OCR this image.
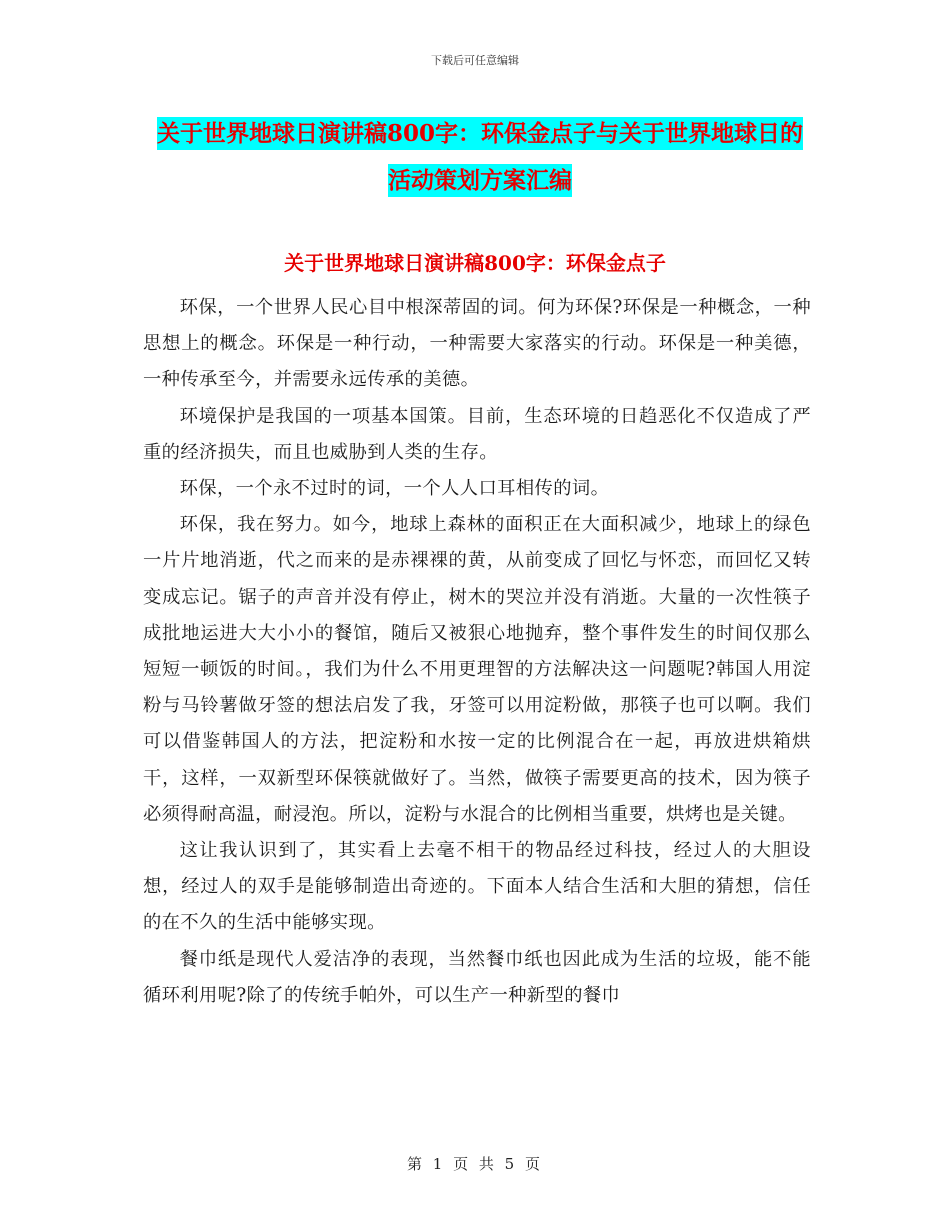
下载后可任意编辑
关于世界地球日演讲稿800字：环保金点子与关于世界地球日的活动策划方案汇编
关于世界地球日演讲稿800字：环保金点子

环保，一个世界人民心目中根深蒂固的词。何为环保?环保是一种概念，一种思想上的概念。环保是一种行动，一种需要大家落实的行动。环保是一种美德，一种传承至今，并需要永远传承的美德。

环境保护是我国的一项基本国策。目前，生态环境的日趋恶化不仅造成了严重的经济损失，而且也威胁到人类的生存。

环保，一个永不过时的词，一个人人口耳相传的词。

环保，我在努力。如今，地球上森林的面积正在大面积减少，地球上的绿色一片片地消逝，代之而来的是赤裸裸的黄，从前变成了回忆与怀恋，而回忆又转变成忘记。锯子的声音并没有停止，树木的哭泣并没有消逝。大量的一次性筷子成批地运进大大小小的餐馆，随后又被狠心地抛弃，整个事件发生的时间仅那么短短一顿饭的时间。，我们为什么不用更理智的方法解决这一问题呢?韩国人用淀粉与马铃薯做牙签的想法启发了我，牙签可以用淀粉做，那筷子也可以啊。我们可以借鉴韩国人的方法，把淀粉和水按一定的比例混合在一起，再放进烘箱烘干，这样，一双新型环保筷就做好了。当然，做筷子需要更高的技术，因为筷子必须得耐高温，耐浸泡。所以，淀粉与水混合的比例相当重要，烘烤也是关键。

这让我认识到了，其实看上去毫不相干的物品经过科技，经过人的大胆设想，经过人的双手是能够制造出奇迹的。下面本人结合生活和大胆的猜想，信任的在不久的生活中能够实现。

餐巾纸是现代人爱洁净的表现，当然餐巾纸也因此成为生活的垃圾，能不能循环利用呢?除了的传统手帕外，可以生产一种新型的餐巾

第 1 页 共 5 页
